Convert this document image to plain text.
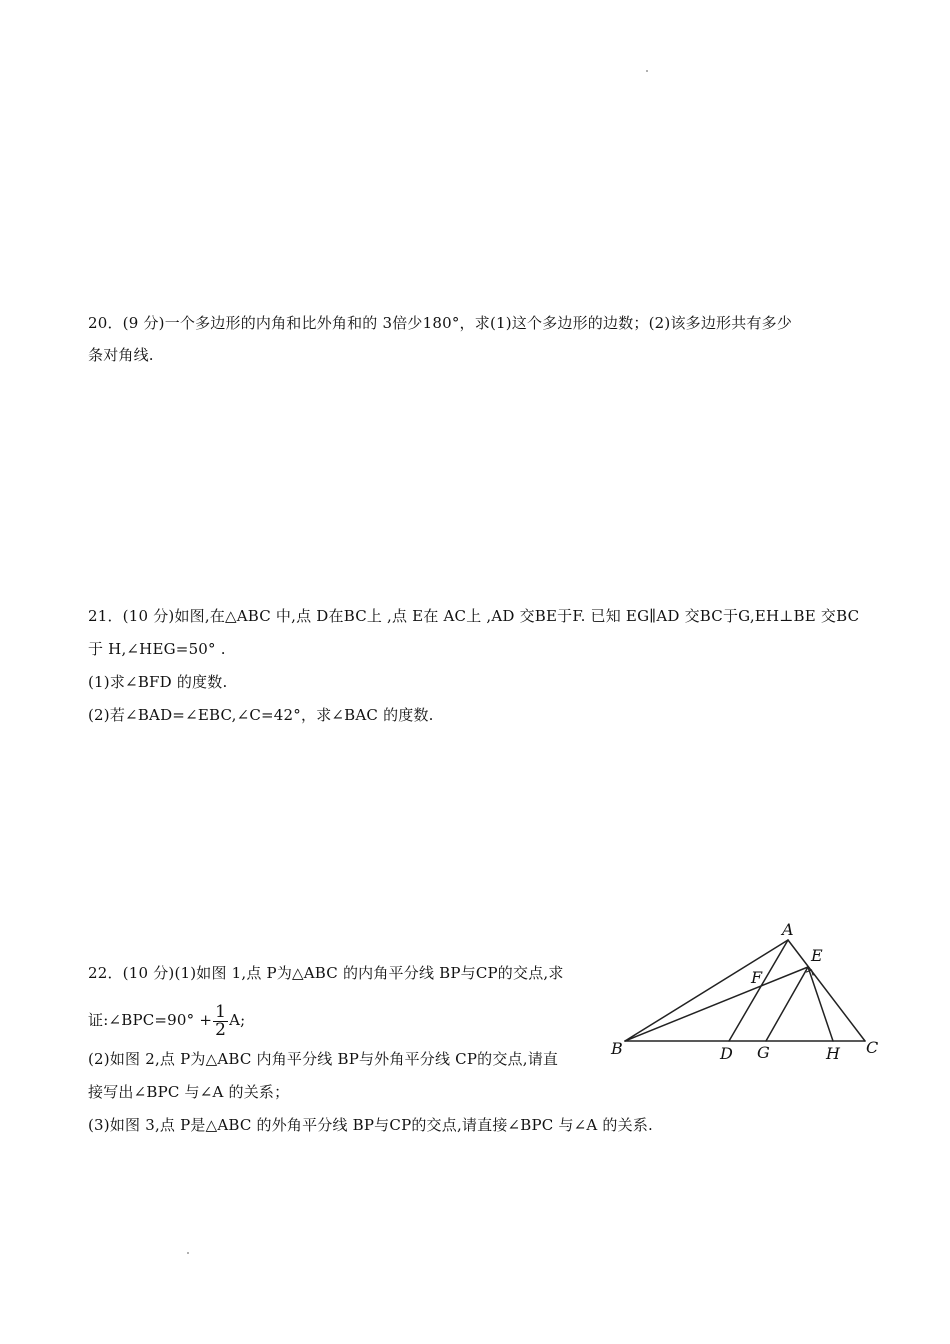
20．(9 分)一个多边形的内角和比外角和的 3倍少180°，求(1)这个多边形的边数；(2)该多边形共有多少
条对角线.
21．(10 分)如图,在△ABC 中,点 D在BC上 ,点 E在 AC上 ,AD 交BE于F. 已知 EG∥AD 交BC于G,EH⊥BE 交BC
于 H,∠HEG=50° .
(1)求∠BFD 的度数.
(2)若∠BAD=∠EBC,∠C=42°，求∠BAC 的度数.
22．(10 分)(1)如图 1,点 P为△ABC 的内角平分线 BP与CP的交点,求
证:∠BPC=90° + $\frac{1}{2} A$;
(2)如图 2,点 P为△ABC 内角平分线 BP与外角平分线 CP的交点,请直
接写出∠BPC 与∠A 的关系；
(3)如图 3,点 P是△ABC 的外角平分线 BP与CP的交点,请直接∠BPC 与∠A 的关系.
A
E
F
B	D G	H C
